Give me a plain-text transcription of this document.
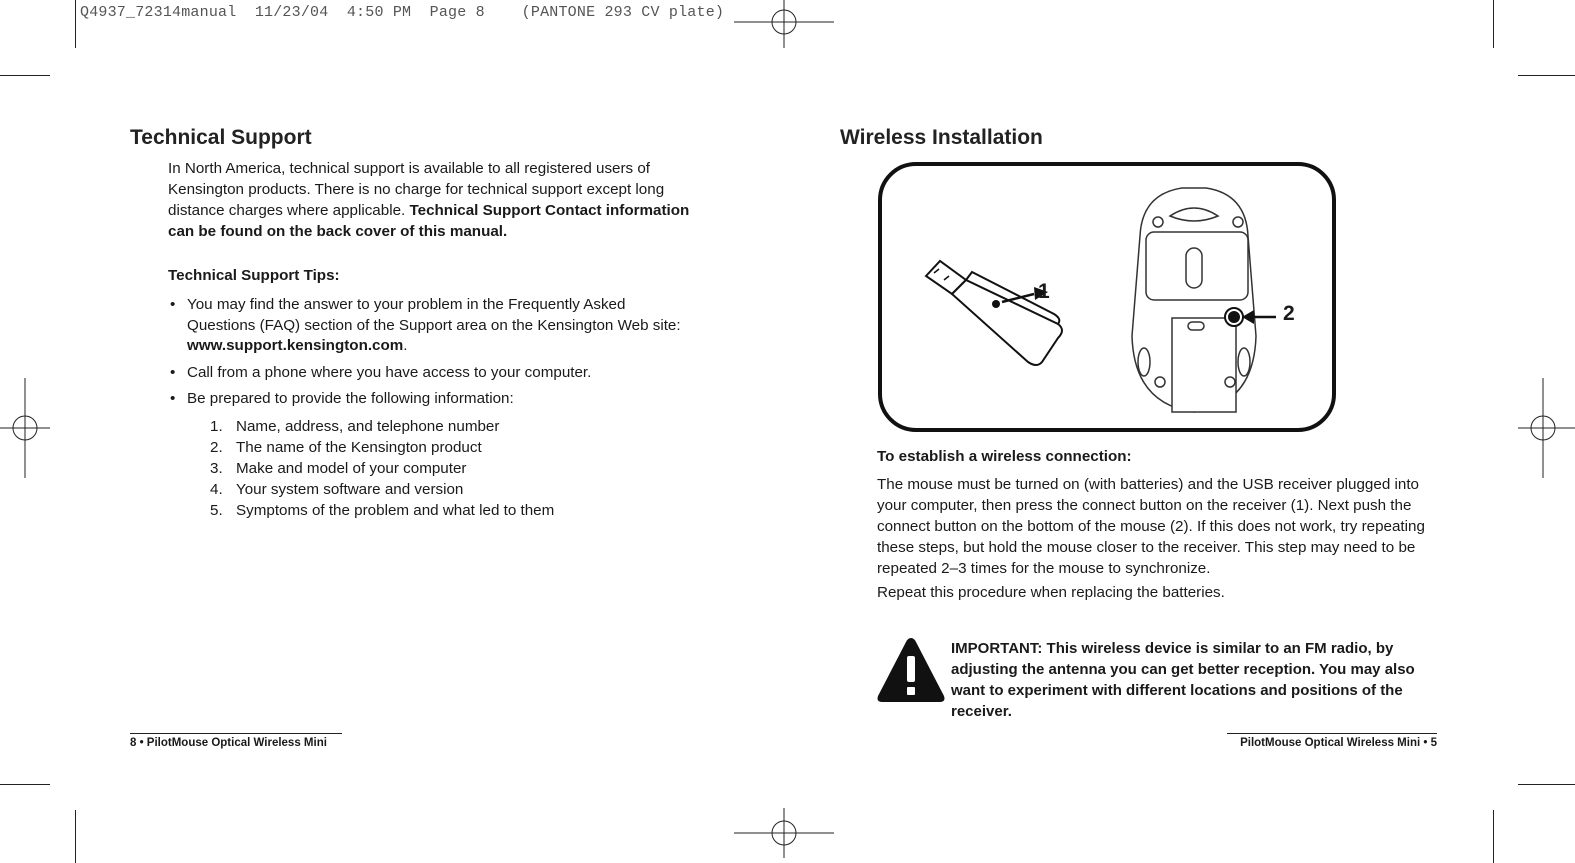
Q4937_72314manual  11/23/04  4:50 PM  Page 8    (PANTONE 293 CV plate)
Technical Support

In North America, technical support is available to all registered users of Kensington products. There is no charge for technical support except long distance charges where applicable. Technical Support Contact information can be found on the back cover of this manual.

Technical Support Tips:
• You may find the answer to your problem in the Frequently Asked Questions (FAQ) section of the Support area on the Kensington Web site: www.support.kensington.com.
• Call from a phone where you have access to your computer.
• Be prepared to provide the following information:
1. Name, address, and telephone number
2. The name of the Kensington product
3. Make and model of your computer
4. Your system software and version
5. Symptoms of the problem and what led to them
8 • PilotMouse Optical Wireless Mini
Wireless Installation
1
2
To establish a wireless connection:
The mouse must be turned on (with batteries) and the USB receiver plugged into your computer, then press the connect button on the receiver (1). Next push the connect button on the bottom of the mouse (2). If this does not work, try repeating these steps, but hold the mouse closer to the receiver. This step may need to be repeated 2–3 times for the mouse to synchronize.
Repeat this procedure when replacing the batteries.
IMPORTANT: This wireless device is similar to an FM radio, by adjusting the antenna you can get better reception. You may also want to experiment with different locations and positions of the receiver.
PilotMouse Optical Wireless Mini • 5
